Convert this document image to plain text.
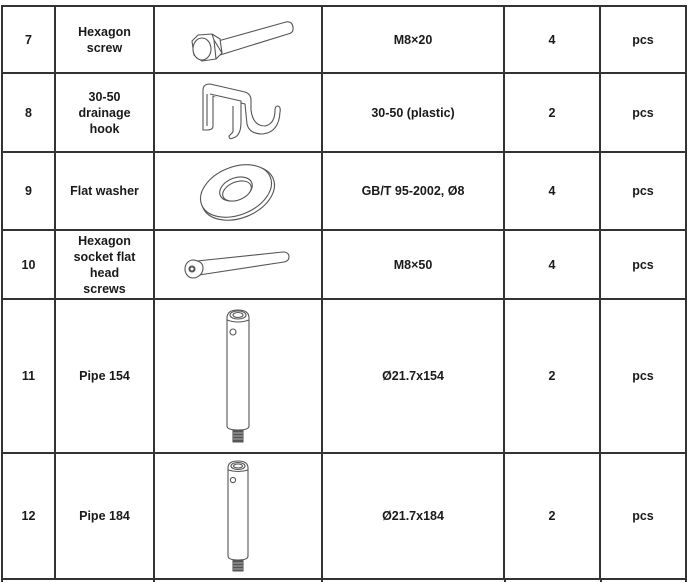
7	Hexagon screw		M8×20	4	pcs
8	30-50 drainage hook		30-50 (plastic)	2	pcs
9	Flat washer		GB/T 95-2002, Ø8	4	pcs
10	Hexagon socket flat head screws		M8×50	4	pcs
11	Pipe 154		Ø21.7x154	2	pcs
12	Pipe 184		Ø21.7x184	2	pcs
